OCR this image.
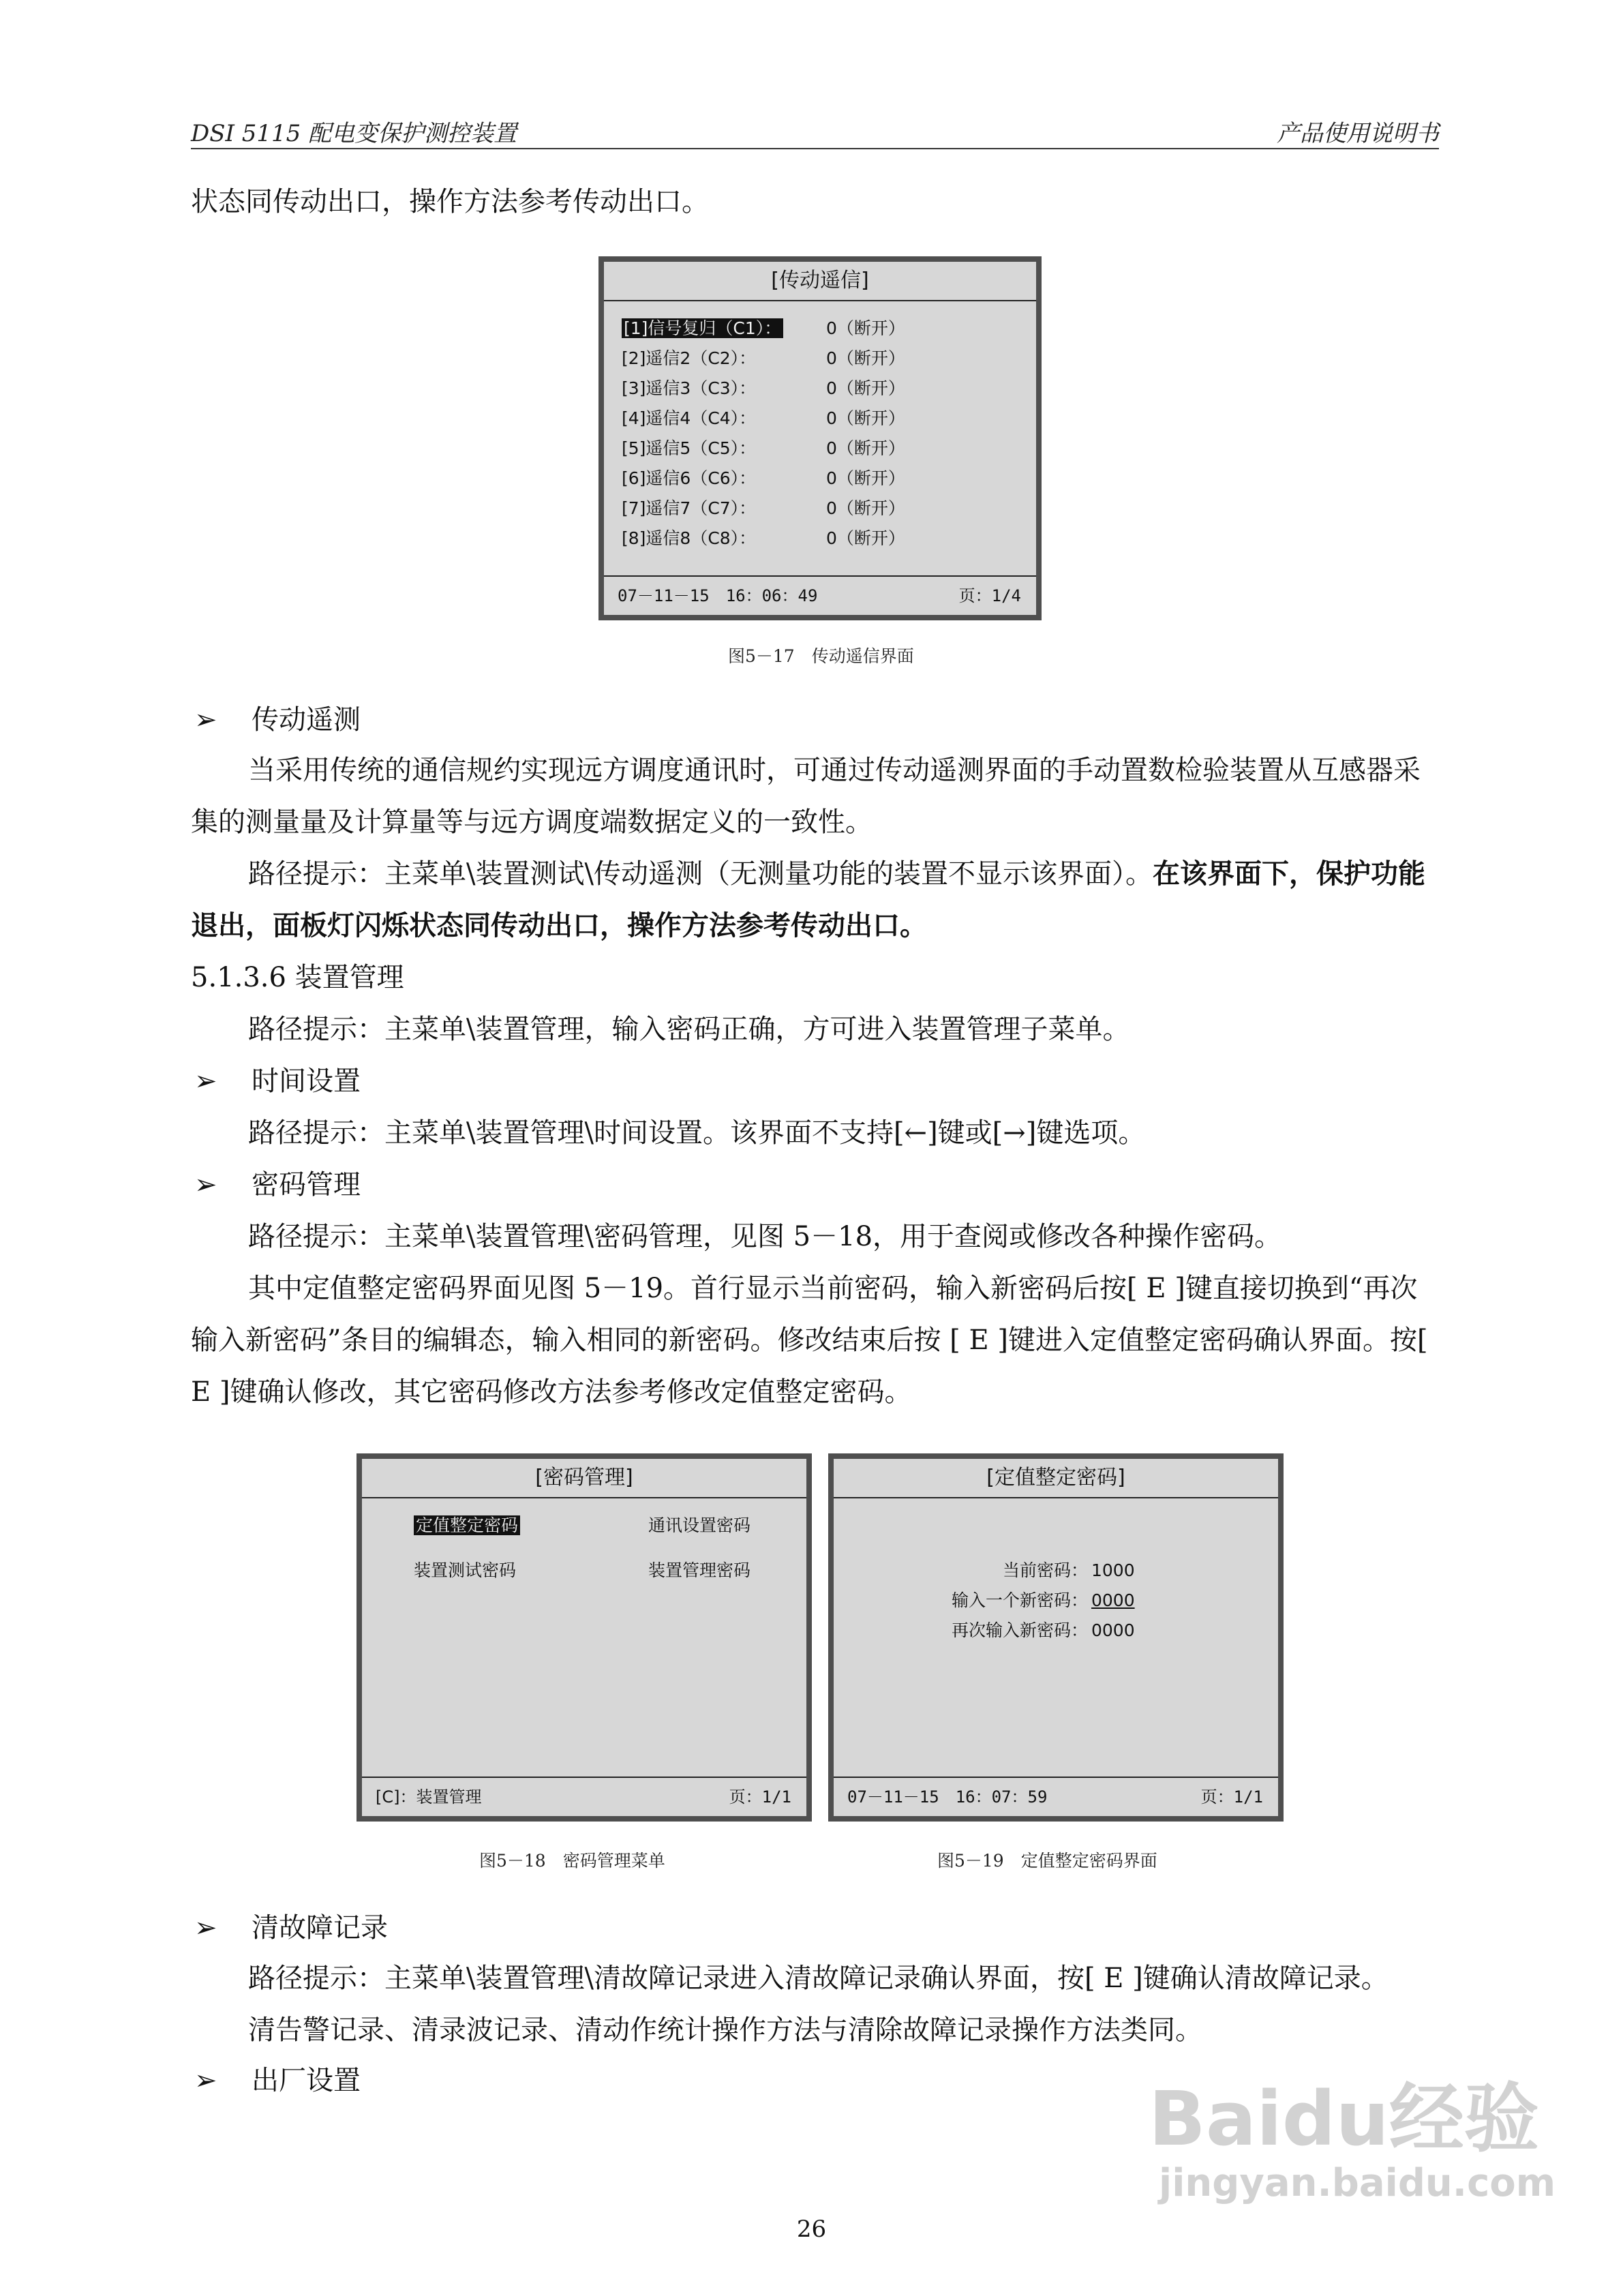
DSI 5115 配电变保护测控装置	产品使用说明书
状态同传动出口，操作方法参考传动出口。
[传动遥信]
[1]信号复归（C1）：	0（断开）
[2]遥信2（C2）：	0（断开）
[3]遥信3（C3）：	0（断开）
[4]遥信4（C4）：	0（断开）
[5]遥信5（C5）：	0（断开）
[6]遥信6（C6）：	0（断开）
[7]遥信7（C7）：	0（断开）
[8]遥信8（C8）：	0（断开）
07－11－15　16：06：49	页：1/4
图5－17　传动遥信界面
➢ 传动遥测
当采用传统的通信规约实现远方调度通讯时，可通过传动遥测界面的手动置数检验装置从互感器采集的测量量及计算量等与远方调度端数据定义的一致性。
路径提示：主菜单\装置测试\传动遥测（无测量功能的装置不显示该界面）。在该界面下，保护功能退出，面板灯闪烁状态同传动出口，操作方法参考传动出口。
5.1.3.6 装置管理
路径提示：主菜单\装置管理，输入密码正确，方可进入装置管理子菜单。
➢ 时间设置
路径提示：主菜单\装置管理\时间设置。该界面不支持[←]键或[→]键选项。
➢ 密码管理
路径提示：主菜单\装置管理\密码管理，见图 5－18，用于查阅或修改各种操作密码。
其中定值整定密码界面见图 5－19。首行显示当前密码，输入新密码后按[ E ]键直接切换到“再次输入新密码”条目的编辑态，输入相同的新密码。修改结束后按 [ E ]键进入定值整定密码确认界面。按[ E ]键确认修改，其它密码修改方法参考修改定值整定密码。
[密码管理]
定值整定密码	通讯设置密码
装置测试密码	装置管理密码
[C]：装置管理	页：1/1
[定值整定密码]
当前密码： 1000
输入一个新密码： 0000
再次输入新密码： 0000
07－11－15　16：07：59	页：1/1
图5－18　密码管理菜单	图5－19　定值整定密码界面
➢ 清故障记录
路径提示：主菜单\装置管理\清故障记录进入清故障记录确认界面，按[ E ]键确认清故障记录。
清告警记录、清录波记录、清动作统计操作方法与清除故障记录操作方法类同。
➢ 出厂设置	Baidu经验
jingyan.baidu.com
26
